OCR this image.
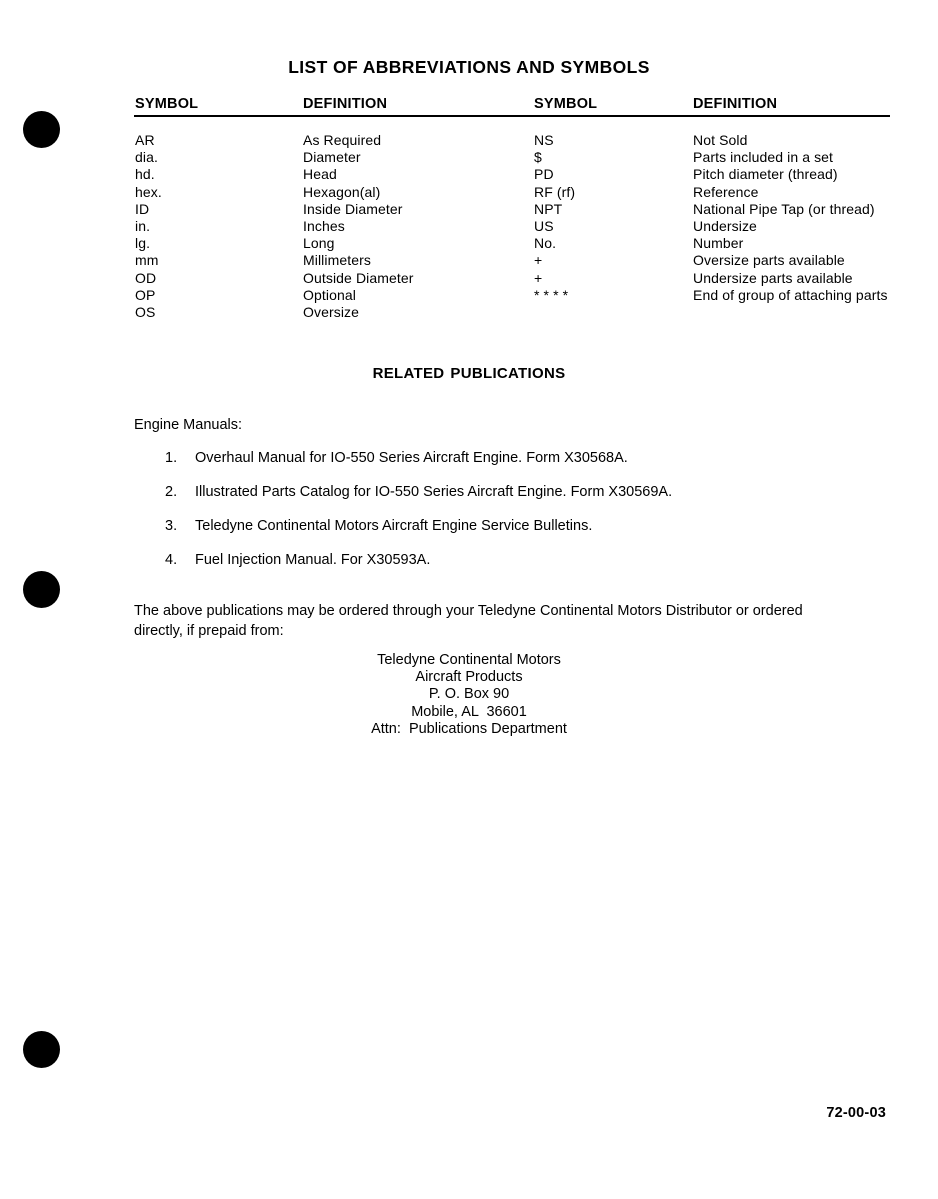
LIST OF ABBREVIATIONS AND SYMBOLS
SYMBOL	DEFINITION	SYMBOL	DEFINITION
AR	As Required	NS	Not Sold
dia.	Diameter	$	Parts included in a set
hd.	Head	PD	Pitch diameter (thread)
hex.	Hexagon(al)	RF (rf)	Reference
ID	Inside Diameter	NPT	National Pipe Tap (or thread)
in.	Inches	US	Undersize
lg.	Long	No.	Number
mm	Millimeters	+	Oversize parts available
OD	Outside Diameter	+	Undersize parts available
OP	Optional	* * * *	End of group of attaching parts
OS	Oversize
RELATED PUBLICATIONS
Engine Manuals:
1. Overhaul Manual for IO-550 Series Aircraft Engine. Form X30568A.
2. Illustrated Parts Catalog for IO-550 Series Aircraft Engine. Form X30569A.
3. Teledyne Continental Motors Aircraft Engine Service Bulletins.
4. Fuel Injection Manual. For X30593A.
The above publications may be ordered through your Teledyne Continental Motors Distributor or ordered
directly, if prepaid from:
Teledyne Continental Motors
Aircraft Products
P. O. Box 90
Mobile, AL  36601
Attn:  Publications Department
72-00-03
